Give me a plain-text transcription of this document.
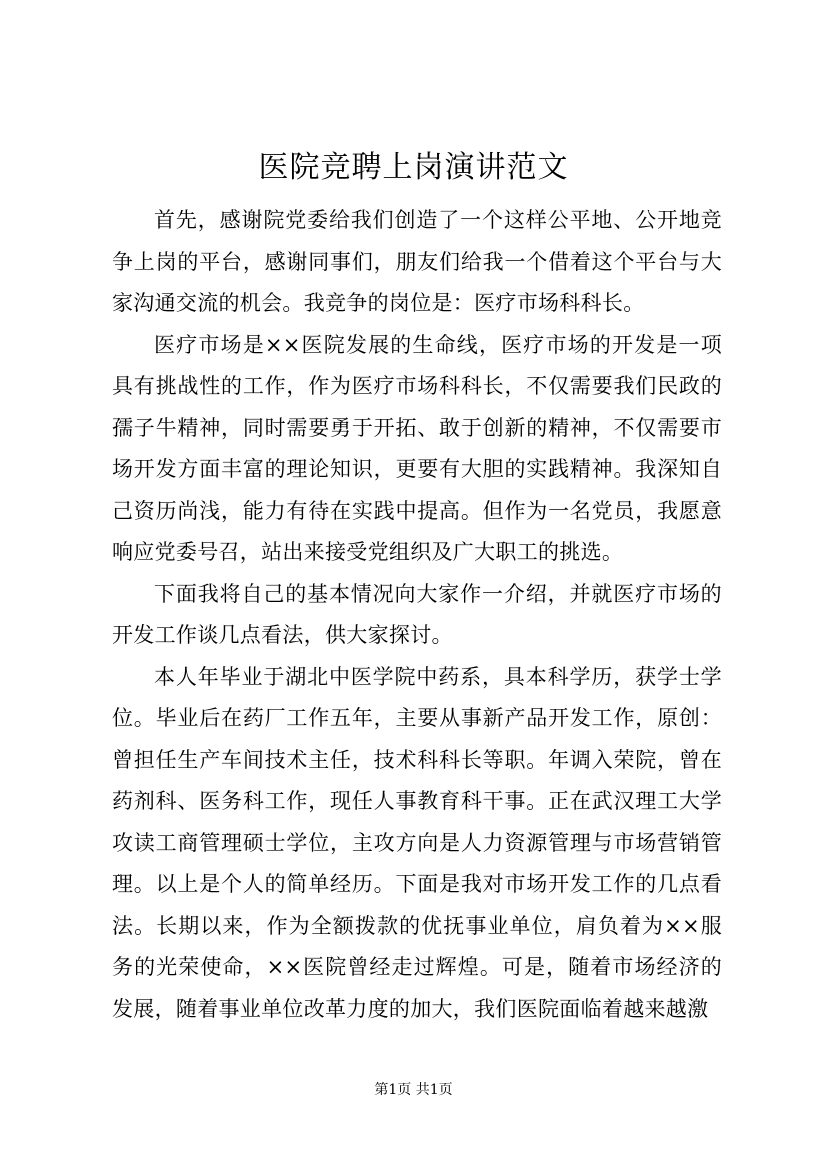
医院竞聘上岗演讲范文

首先，感谢院党委给我们创造了一个这样公平地、公开地竞争上岗的平台，感谢同事们，朋友们给我一个借着这个平台与大家沟通交流的机会。我竞争的岗位是：医疗市场科科长。

医疗市场是××医院发展的生命线，医疗市场的开发是一项具有挑战性的工作，作为医疗市场科科长，不仅需要我们民政的孺子牛精神，同时需要勇于开拓、敢于创新的精神，不仅需要市场开发方面丰富的理论知识，更要有大胆的实践精神。我深知自己资历尚浅，能力有待在实践中提高。但作为一名党员，我愿意响应党委号召，站出来接受党组织及广大职工的挑选。

下面我将自己的基本情况向大家作一介绍，并就医疗市场的开发工作谈几点看法，供大家探讨。

本人年毕业于湖北中医学院中药系，具本科学历，获学士学位。毕业后在药厂工作五年，主要从事新产品开发工作，原创：曾担任生产车间技术主任，技术科科长等职。年调入荣院，曾在药剂科、医务科工作，现任人事教育科干事。正在武汉理工大学攻读工商管理硕士学位，主攻方向是人力资源管理与市场营销管理。以上是个人的简单经历。下面是我对市场开发工作的几点看法。长期以来，作为全额拨款的优抚事业单位，肩负着为××服务的光荣使命，××医院曾经走过辉煌。可是，随着市场经济的发展，随着事业单位改革力度的加大，我们医院面临着越来越激

第1页 共1页
